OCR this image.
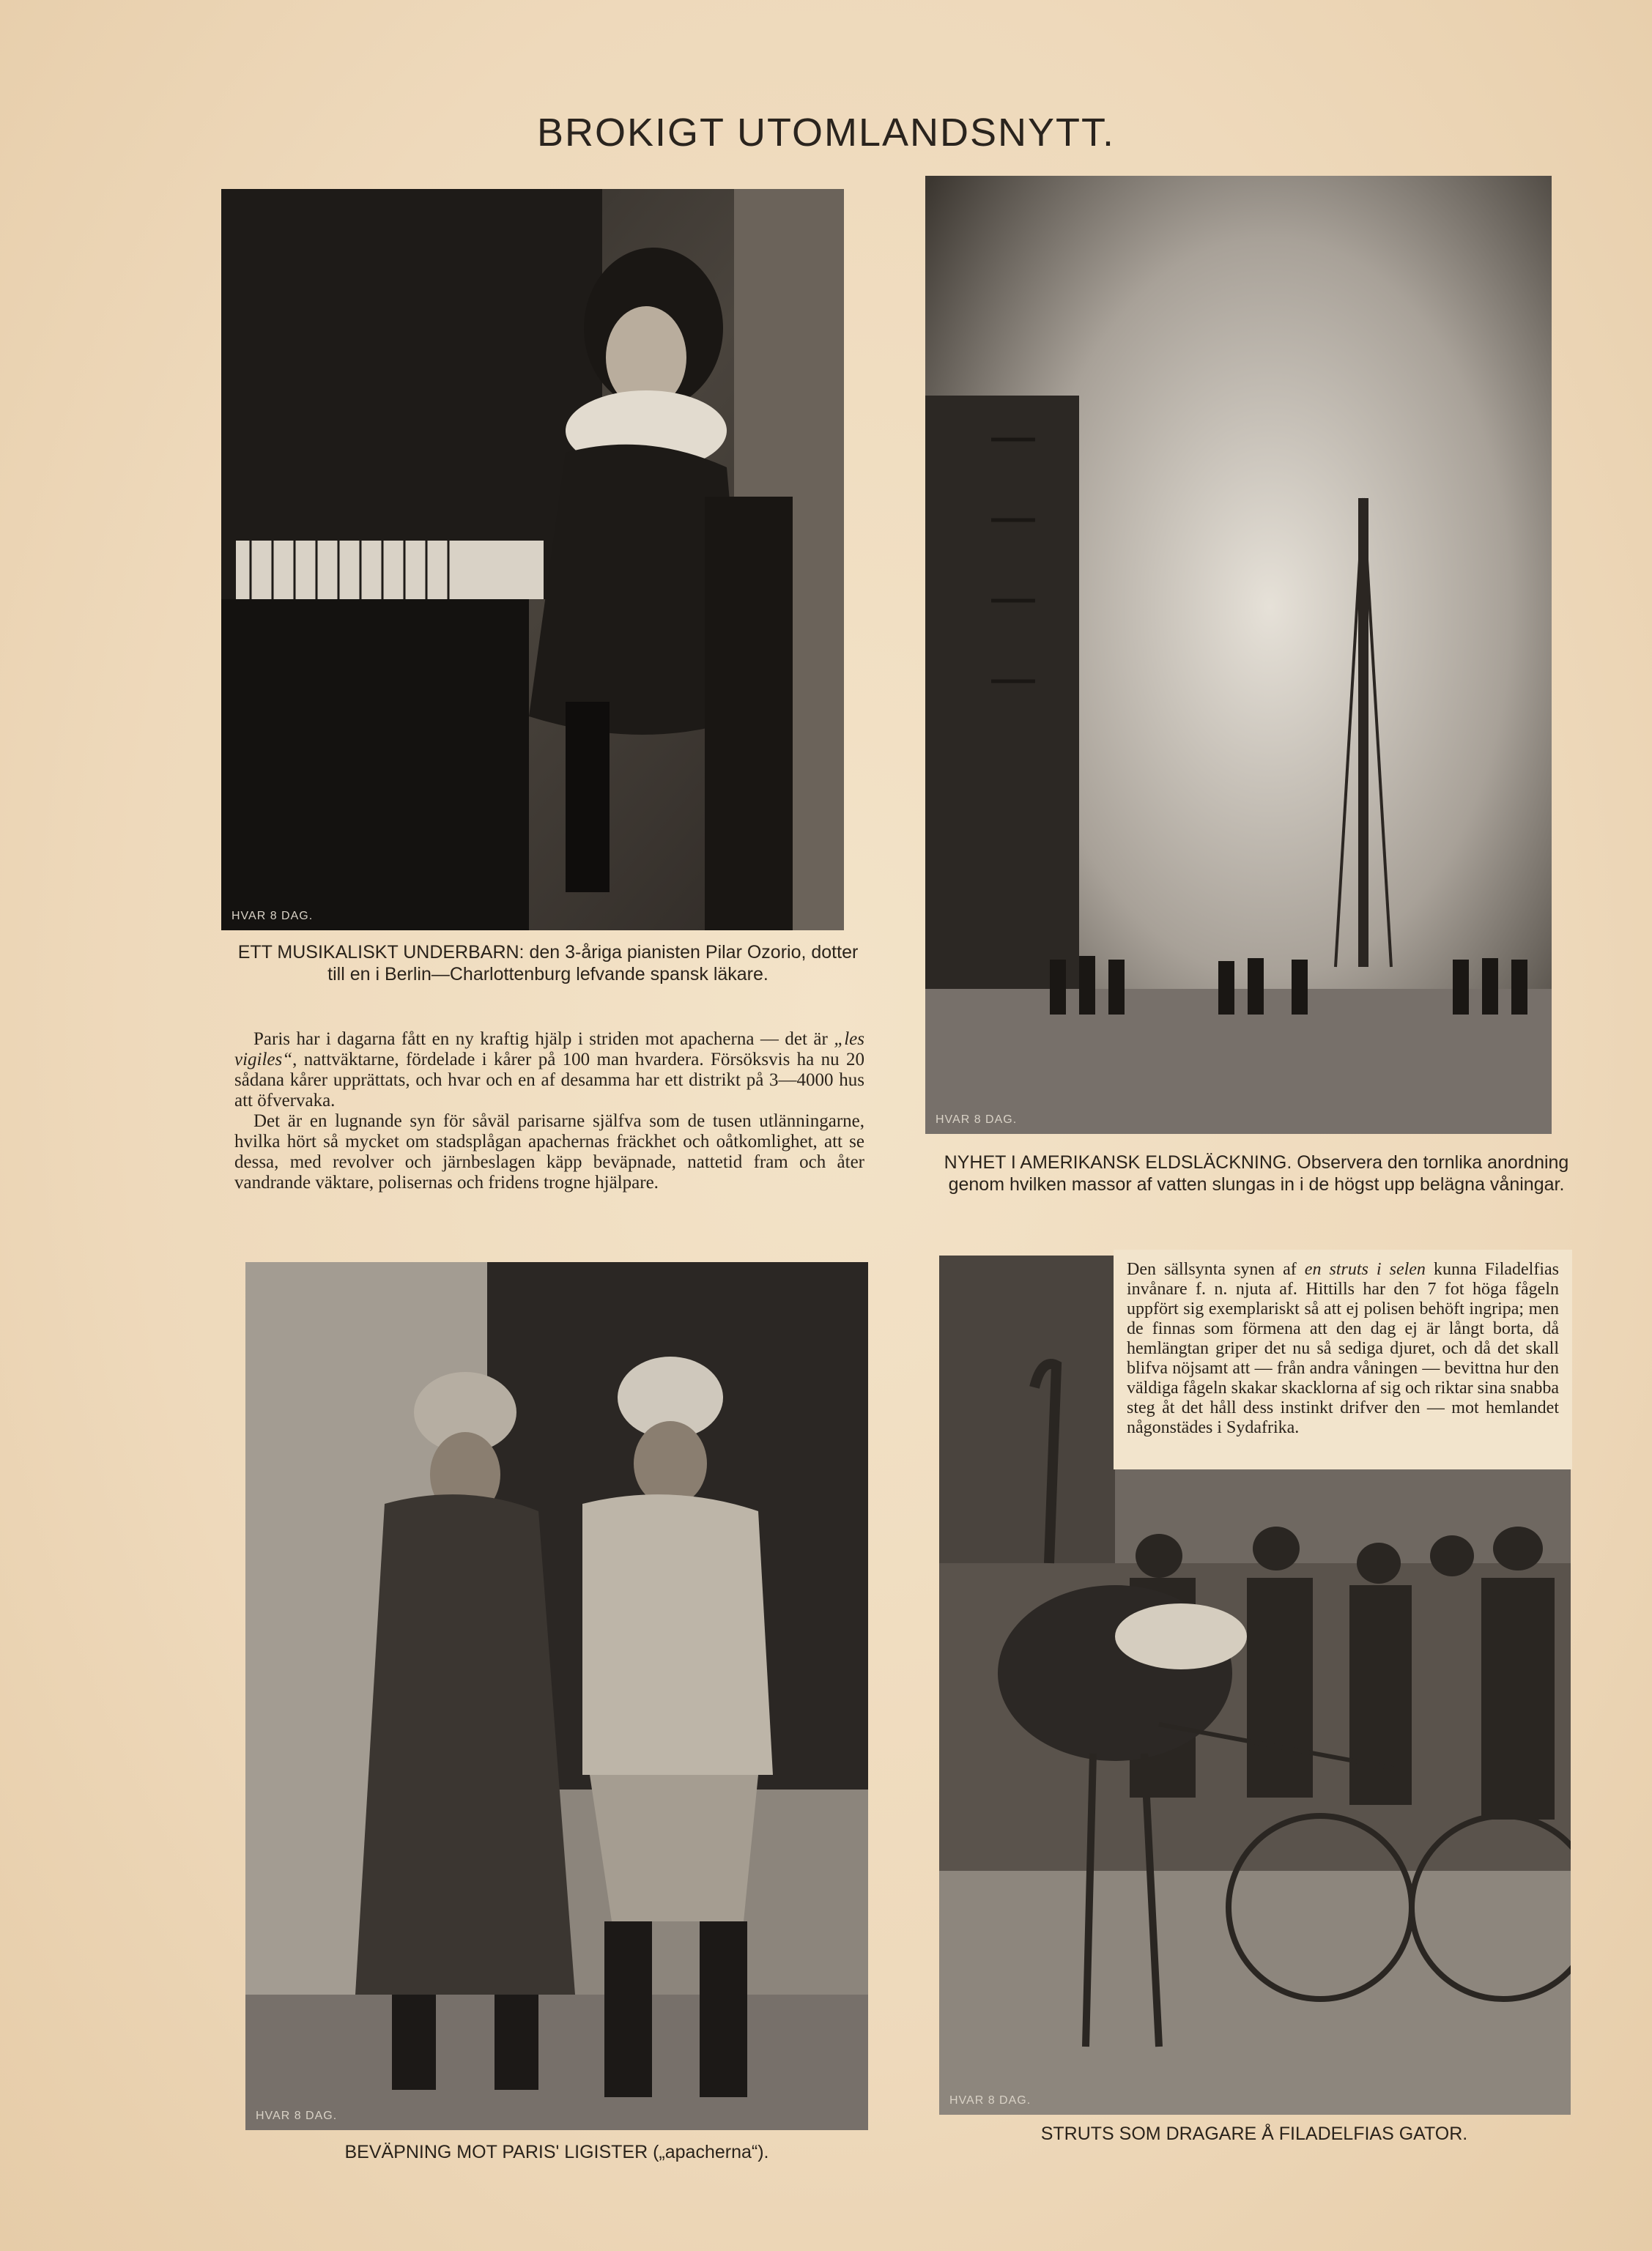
BROKIGT UTOMLANDSNYTT.
HVAR 8 DAG.
HVAR 8 DAG.
ETT MUSIKALISKT UNDERBARN: den 3-åriga pianisten Pilar Ozorio, dotter till en i Berlin—Charlottenburg lefvande spansk läkare.

Paris har i dagarna fått en ny kraftig hjälp i striden mot apacherna — det är „les vigiles“, nattväktarne, fördelade i kårer på 100 man hvardera. Försöksvis ha nu 20 sådana kårer upprättats, och hvar och en af desamma har ett distrikt på 3—4000 hus att öfvervaka.

Det är en lugnande syn för såväl parisarne själfva som de tusen utlänningarne, hvilka hört så mycket om stadsplågan apachernas fräckhet och oåtkomlighet, att se dessa, med revolver och järnbeslagen käpp beväpnade, nattetid fram och åter vandrande väktare, polisernas och fridens trogne hjälpare.

NYHET I AMERIKANSK ELDSLÄCKNING. Observera den tornlika anordning genom hvilken massor af vatten slungas in i de högst upp belägna våningar.
HVAR 8 DAG.
HVAR 8 DAG.
Den sällsynta synen af en struts i selen kunna Filadelfias invånare f. n. njuta af. Hittills har den 7 fot höga fågeln uppfört sig exemplariskt så att ej polisen behöft ingripa; men de finnas som förmena att den dag ej är långt borta, då hemlängtan griper det nu så sediga djuret, och då det skall blifva nöjsamt att — från andra våningen — bevittna hur den väldiga fågeln skakar skacklorna af sig och riktar sina snabba steg åt det håll dess instinkt drifver den — mot hemlandet någonstädes i Sydafrika.
BEVÄPNING MOT PARIS' LIGISTER („apacherna“).
STRUTS SOM DRAGARE Å FILADELFIAS GATOR.
